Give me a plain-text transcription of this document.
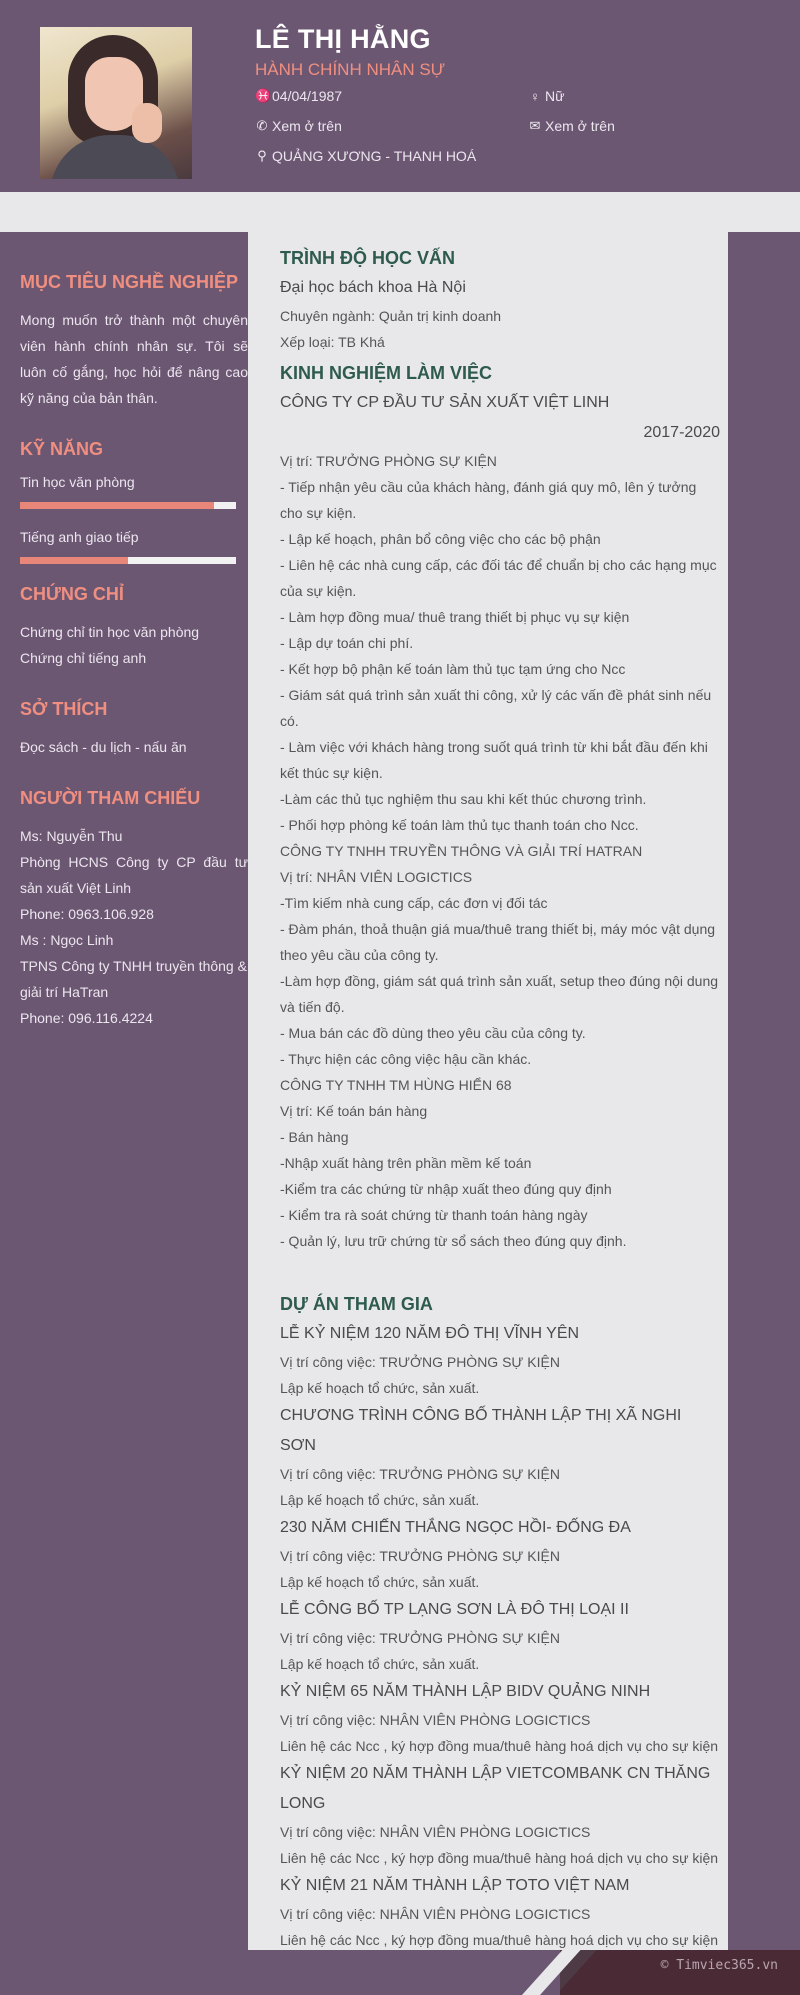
LÊ THỊ HẰNG
HÀNH CHÍNH NHÂN SỰ
♓ 04/04/1987	♀ Nữ
✆ Xem ở trên	✉ Xem ở trên
⚲ QUẢNG XƯƠNG - THANH HOÁ
MỤC TIÊU NGHỀ NGHIỆP
Mong muốn trở thành một chuyên viên hành chính nhân sự. Tôi sẽ luôn cố gắng, học hỏi để nâng cao kỹ năng của bản thân.
KỸ NĂNG
Tin học văn phòng
Tiếng anh giao tiếp
CHỨNG CHỈ
Chứng chỉ tin học văn phòng
Chứng chỉ tiếng anh
SỞ THÍCH
Đọc sách - du lịch - nấu ăn
NGƯỜI THAM CHIẾU
Ms: Nguyễn Thu
Phòng HCNS Công ty CP đầu tư sản xuất Việt Linh
Phone: 0963.106.928
Ms : Ngọc Linh
TPNS Công ty TNHH truyền thông & giải trí HaTran
Phone: 096.116.4224
TRÌNH ĐỘ HỌC VẤN
Đại học bách khoa Hà Nội
Chuyên ngành: Quản trị kinh doanh
Xếp loại: TB Khá
KINH NGHIỆM LÀM VIỆC
CÔNG TY CP ĐẦU TƯ SẢN XUẤT VIỆT LINH
2017-2020
Vị trí: TRƯỞNG PHÒNG SỰ KIỆN
- Tiếp nhận yêu cầu của khách hàng, đánh giá quy mô, lên ý tưởng cho sự kiện.
- Lập kế hoạch, phân bổ công việc cho các bộ phận
- Liên hệ các nhà cung cấp, các đối tác để chuẩn bị cho các hạng mục của sự kiện.
- Làm hợp đồng mua/ thuê trang thiết bị phục vụ sự kiện
- Lập dự toán chi phí.
- Kết hợp bộ phận kế toán làm thủ tục tạm ứng cho Ncc
- Giám sát quá trình sản xuất thi công, xử lý các vấn đề phát sinh nếu có.
- Làm việc với khách hàng trong suốt quá trình từ khi bắt đầu đến khi kết thúc sự kiện.
-Làm các thủ tục nghiệm thu sau khi kết thúc chương trình.
- Phối hợp phòng kế toán làm thủ tục thanh toán cho Ncc.
CÔNG TY TNHH TRUYỀN THÔNG VÀ GIẢI TRÍ HATRAN
Vị trí: NHÂN VIÊN LOGICTICS
-Tìm kiếm nhà cung cấp, các đơn vị đối tác
- Đàm phán, thoả thuận giá mua/thuê trang thiết bị, máy móc vật dụng theo yêu cầu của công ty.
-Làm hợp đồng, giám sát quá trình sản xuất, setup theo đúng nội dung và tiến độ.
- Mua bán các đồ dùng theo yêu cầu của công ty.
- Thực hiện các công việc hậu cần khác.
CÔNG TY TNHH TM HÙNG HIỂN 68
Vị trí: Kế toán bán hàng
- Bán hàng
-Nhập xuất hàng trên phần mềm kế toán
-Kiểm tra các chứng từ nhập xuất theo đúng quy định
- Kiểm tra rà soát chứng từ thanh toán hàng ngày
- Quản lý, lưu trữ chứng từ sổ sách theo đúng quy định.
DỰ ÁN THAM GIA
LỄ KỶ NIỆM 120 NĂM ĐÔ THỊ VĨNH YÊN
Vị trí công việc: TRƯỞNG PHÒNG SỰ KIỆN
Lập kế hoạch tổ chức, sản xuất.
CHƯƠNG TRÌNH CÔNG BỐ THÀNH LẬP THỊ XÃ NGHI SƠN
Vị trí công việc: TRƯỞNG PHÒNG SỰ KIỆN
Lập kế hoạch tổ chức, sản xuất.
230 NĂM CHIẾN THẮNG NGỌC HỒI- ĐỐNG ĐA
Vị trí công việc: TRƯỞNG PHÒNG SỰ KIỆN
Lập kế hoạch tổ chức, sản xuất.
LỄ CÔNG BỐ TP LẠNG SƠN LÀ ĐÔ THỊ LOẠI II
Vị trí công việc: TRƯỞNG PHÒNG SỰ KIỆN
Lập kế hoạch tổ chức, sản xuất.
KỶ NIỆM 65 NĂM THÀNH LẬP BIDV QUẢNG NINH
Vị trí công việc: NHÂN VIÊN PHÒNG LOGICTICS
Liên hệ các Ncc , ký hợp đồng mua/thuê hàng hoá dịch vụ cho sự kiện
KỶ NIỆM 20 NĂM THÀNH LẬP VIETCOMBANK CN THĂNG LONG
Vị trí công việc: NHÂN VIÊN PHÒNG LOGICTICS
Liên hệ các Ncc , ký hợp đồng mua/thuê hàng hoá dịch vụ cho sự kiện
KỶ NIỆM 21 NĂM THÀNH LẬP TOTO VIỆT NAM
Vị trí công việc: NHÂN VIÊN PHÒNG LOGICTICS
Liên hệ các Ncc , ký hợp đồng mua/thuê hàng hoá dịch vụ cho sự kiện
© Timviec365.vn
